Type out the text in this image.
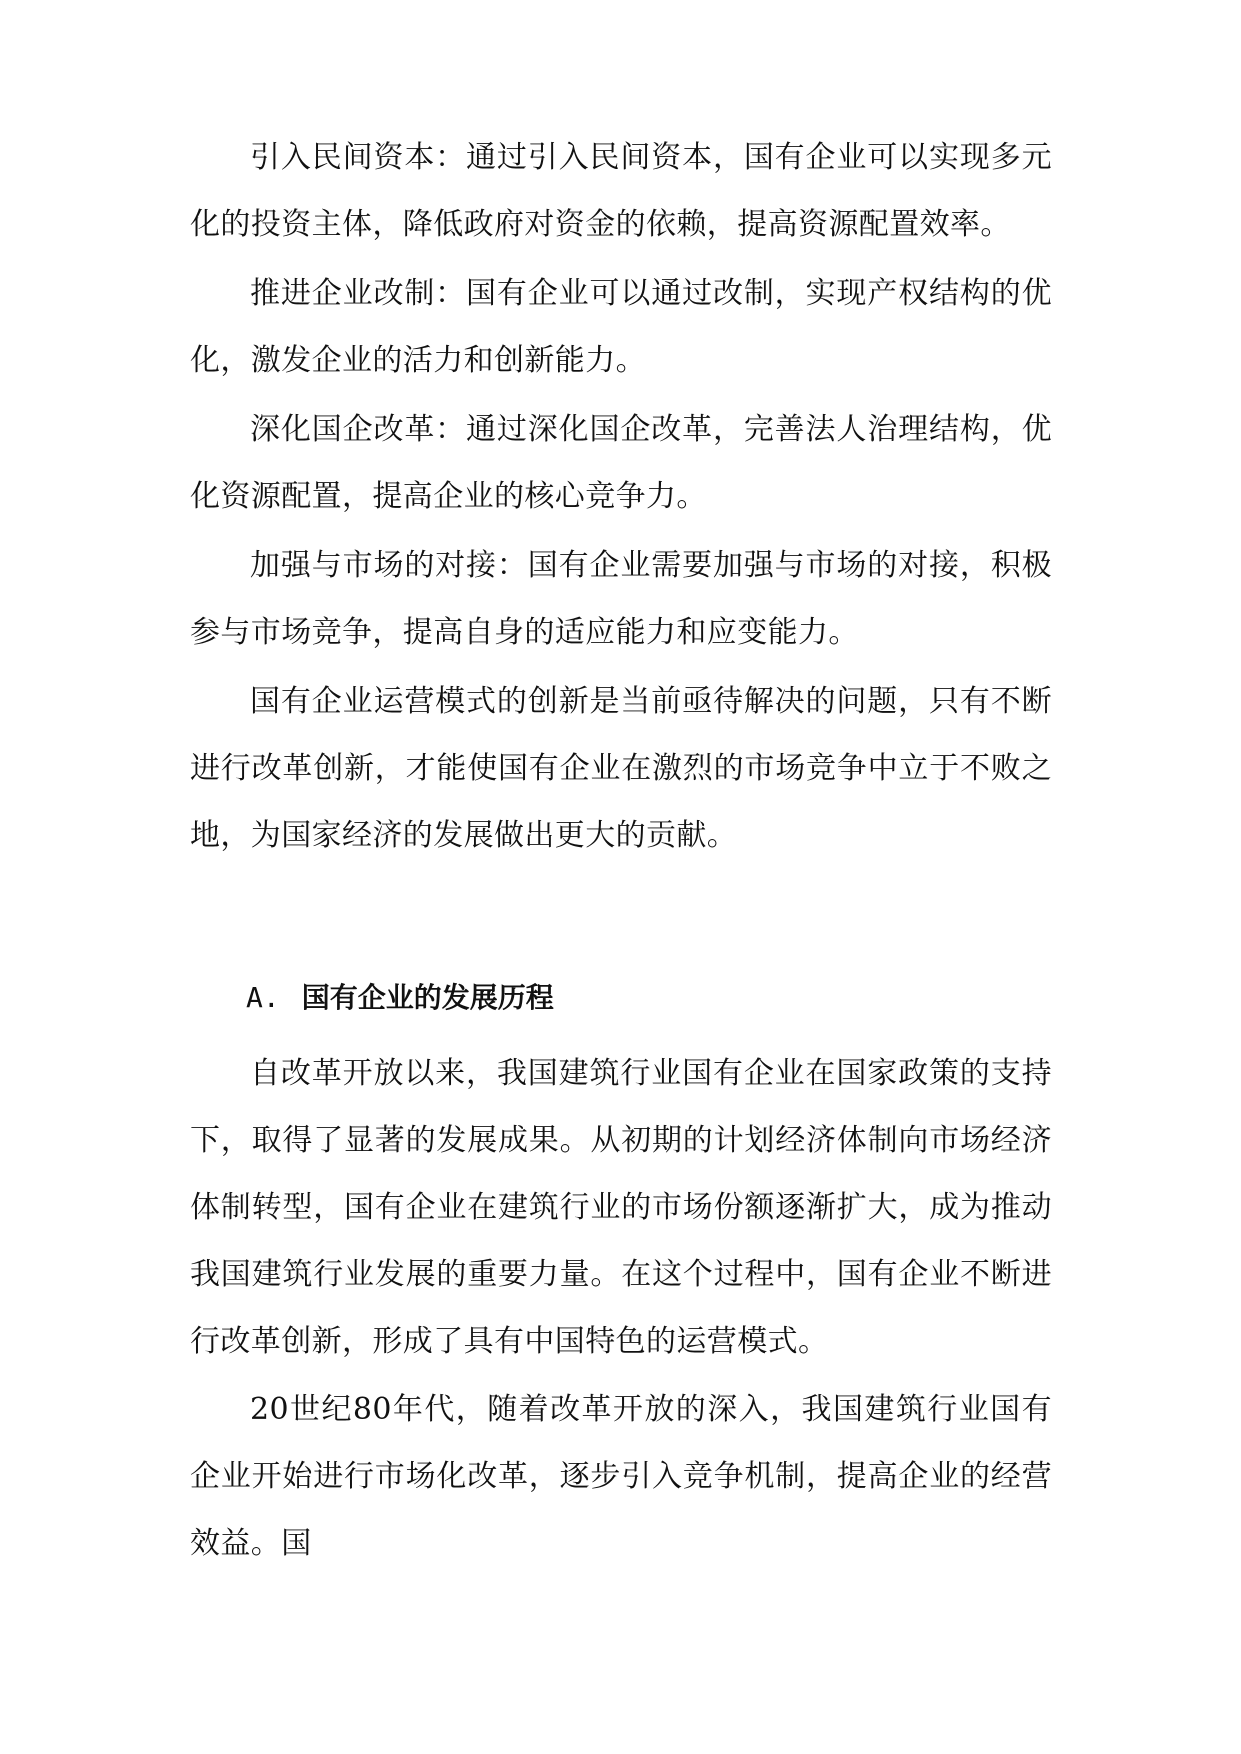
引入民间资本：通过引入民间资本，国有企业可以实现多元化的投资主体，降低政府对资金的依赖，提高资源配置效率。

推进企业改制：国有企业可以通过改制，实现产权结构的优化，激发企业的活力和创新能力。

深化国企改革：通过深化国企改革，完善法人治理结构，优化资源配置，提高企业的核心竞争力。

加强与市场的对接：国有企业需要加强与市场的对接，积极参与市场竞争，提高自身的适应能力和应变能力。

国有企业运营模式的创新是当前亟待解决的问题，只有不断进行改革创新，才能使国有企业在激烈的市场竞争中立于不败之地，为国家经济的发展做出更大的贡献。

A. 国有企业的发展历程

自改革开放以来，我国建筑行业国有企业在国家政策的支持下，取得了显著的发展成果。从初期的计划经济体制向市场经济体制转型，国有企业在建筑行业的市场份额逐渐扩大，成为推动我国建筑行业发展的重要力量。在这个过程中，国有企业不断进行改革创新，形成了具有中国特色的运营模式。

20世纪80年代，随着改革开放的深入，我国建筑行业国有企业开始进行市场化改革，逐步引入竞争机制，提高企业的经营效益。国
